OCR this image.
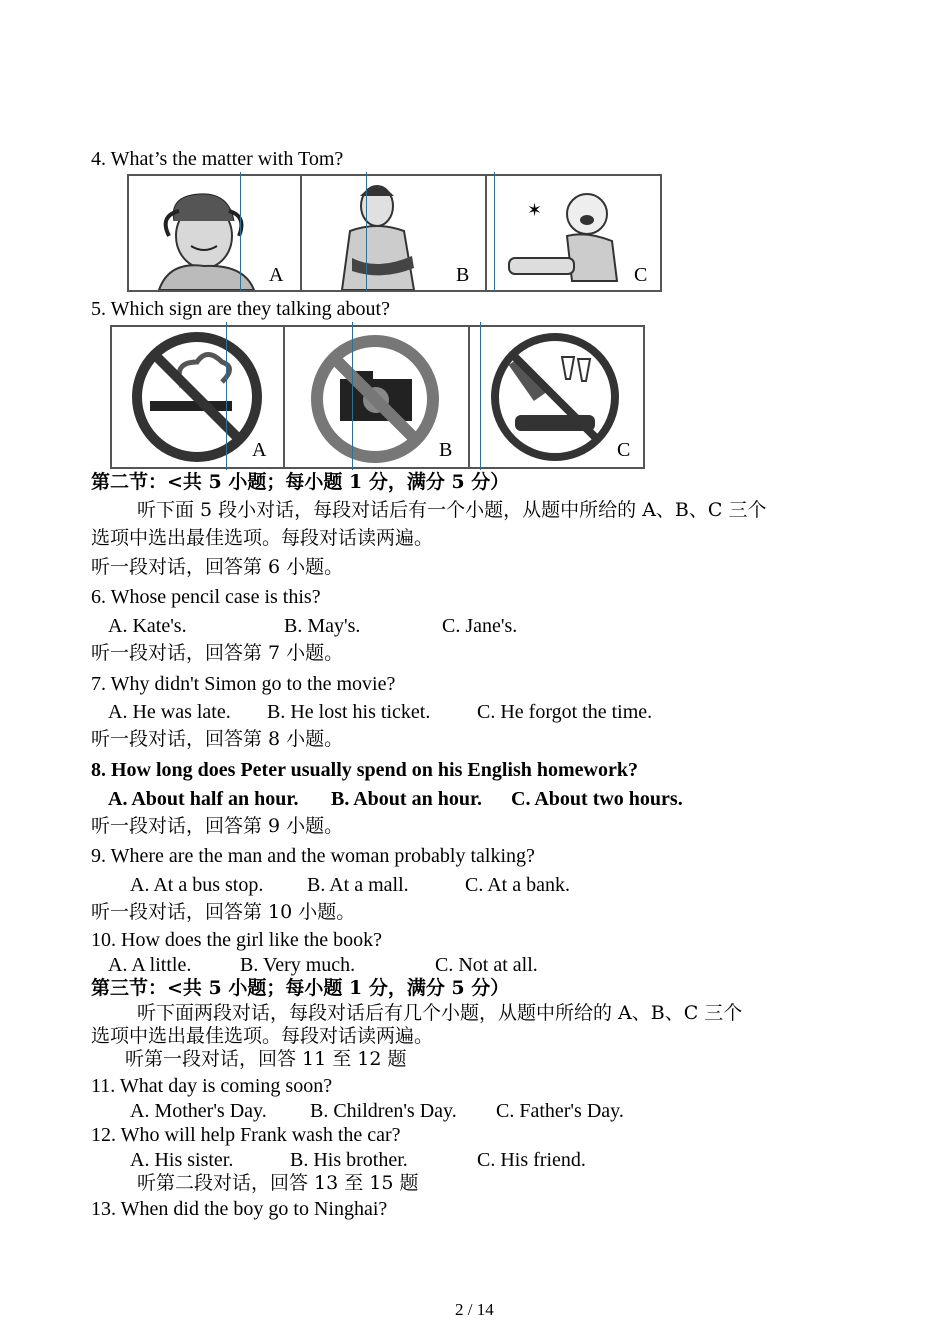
4. What’s the matter with Tom?
A	B
✶
C
5. Which sign are they talking about?
A	B	C
第二节：<共 5 小题；每小题 1 分，满分 5 分）
听下面 5 段小对话，每段对话后有一个小题，从题中所给的 A、B、C 三个
选项中选出最佳选项。每段对话读两遍。
听一段对话，回答第 6 小题。
6. Whose pencil case is this?
A. Kate's.	B. May's.	C. Jane's.
听一段对话，回答第 7 小题。
7. Why didn't Simon go to the movie?
A. He was late. B. He lost his ticket. C. He forgot the time.
听一段对话，回答第 8 小题。
8. How long does Peter usually spend on his English homework?
A. About half an hour. B. About an hour. C. About two hours.
听一段对话，回答第 9 小题。
9. Where are the man and the woman probably talking?
A. At a bus stop. B. At a mall.	C. At a bank.
听一段对话，回答第 10 小题。
10. How does the girl like the book?
A. A little. B. Very much.	C. Not at all.
第三节：<共 5 小题；每小题 1 分，满分 5 分）
听下面两段对话，每段对话后有几个小题，从题中所给的 A、B、C 三个
选项中选出最佳选项。每段对话读两遍。
听第一段对话，回答 11 至 12 题
11. What day is coming soon?
A. Mother's Day. B. Children's Day. C. Father's Day.
12. Who will help Frank wash the car?
A. His sister.	B. His brother.	C. His friend.
听第二段对话，回答 13 至 15 题
13. When did the boy go to Ninghai?
2 / 14
